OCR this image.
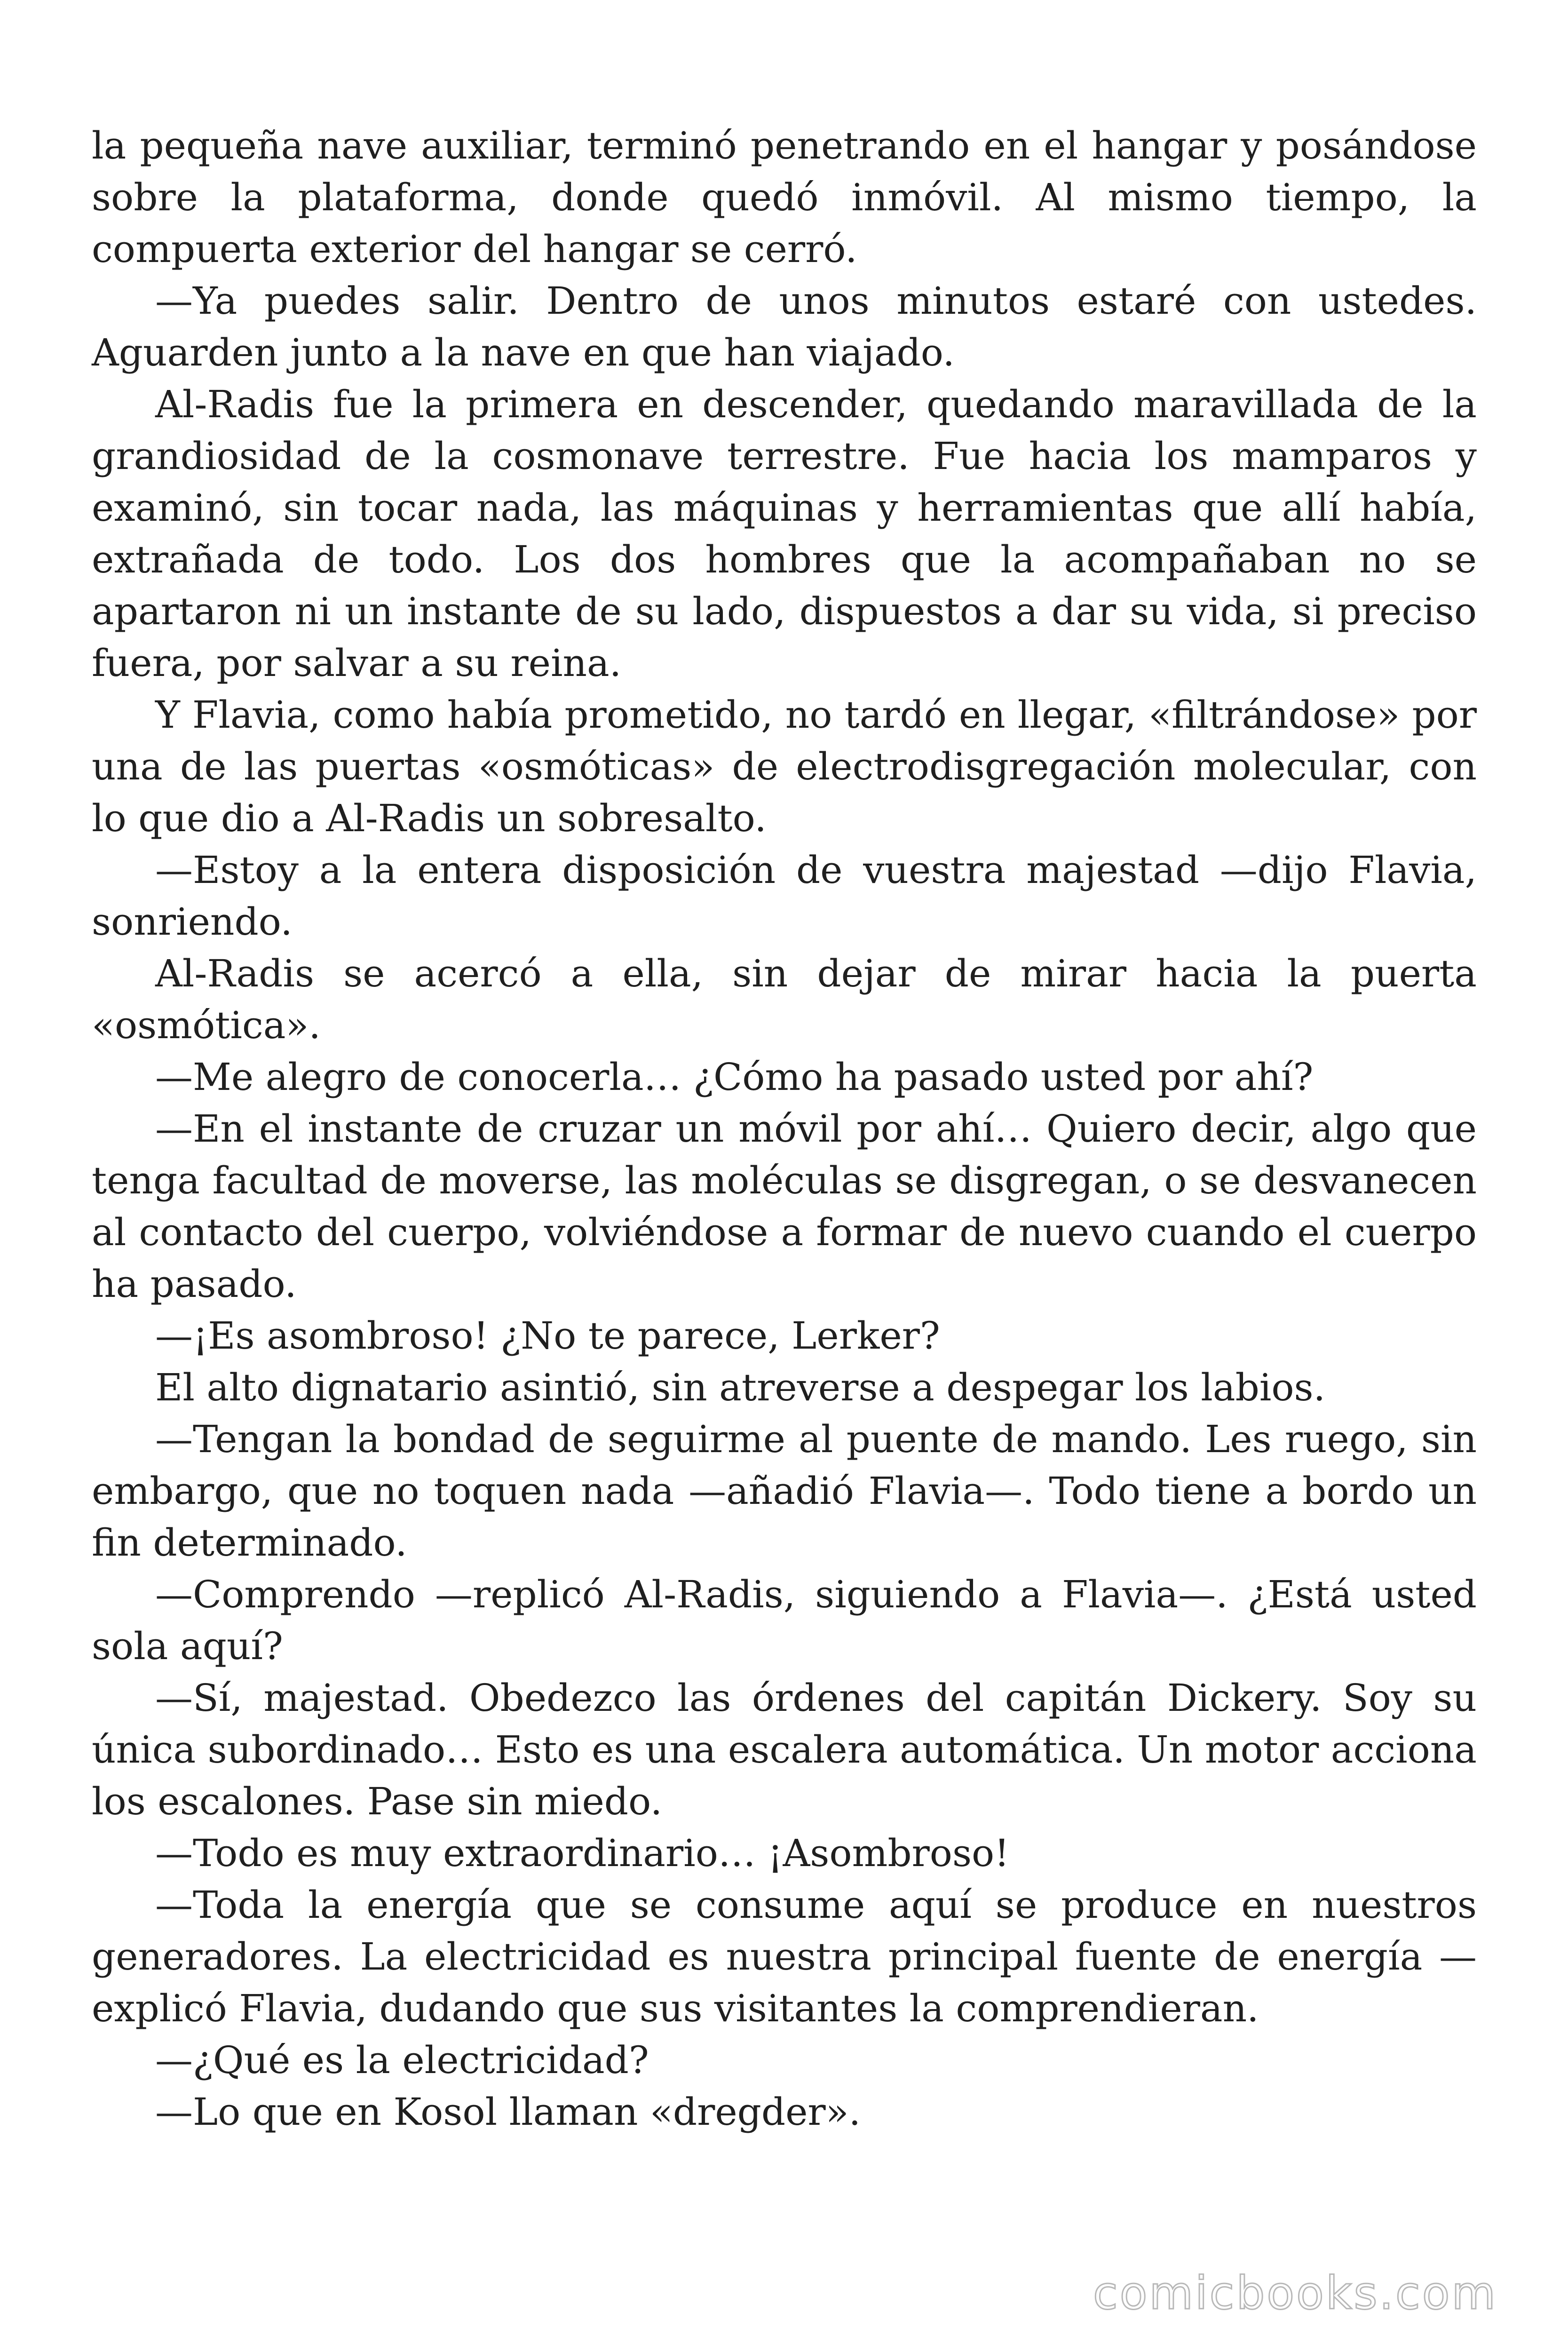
la pequeña nave auxiliar, terminó penetrando en el hangar y posándose sobre la plataforma, donde quedó inmóvil. Al mismo tiempo, la compuerta exterior del hangar se cerró.

—Ya puedes salir. Dentro de unos minutos estaré con ustedes. Aguarden junto a la nave en que han viajado.

Al-Radis fue la primera en descender, quedando maravillada de la grandiosidad de la cosmonave terrestre. Fue hacia los mamparos y examinó, sin tocar nada, las máquinas y herramientas que allí había, extrañada de todo. Los dos hombres que la acompañaban no se apartaron ni un instante de su lado, dispuestos a dar su vida, si preciso fuera, por salvar a su reina.

Y Flavia, como había prometido, no tardó en llegar, «filtrándose» por una de las puertas «osmóticas» de electrodisgregación molecular, con lo que dio a Al-Radis un sobresalto.

—Estoy a la entera disposición de vuestra majestad —dijo Flavia, sonriendo.

Al-Radis se acercó a ella, sin dejar de mirar hacia la puerta «osmótica».

—Me alegro de conocerla… ¿Cómo ha pasado usted por ahí?

—En el instante de cruzar un móvil por ahí… Quiero decir, algo que tenga facultad de moverse, las moléculas se disgregan, o se desvanecen al contacto del cuerpo, volviéndose a formar de nuevo cuando el cuerpo ha pasado.

—¡Es asombroso! ¿No te parece, Lerker?

El alto dignatario asintió, sin atreverse a despegar los labios.

—Tengan la bondad de seguirme al puente de mando. Les ruego, sin embargo, que no toquen nada —añadió Flavia—. Todo tiene a bordo un fin determinado.

—Comprendo —replicó Al-Radis, siguiendo a Flavia—. ¿Está usted sola aquí?

—Sí, majestad. Obedezco las órdenes del capitán Dickery. Soy su única subordinado… Esto es una escalera automática. Un motor acciona los escalones. Pase sin miedo.

—Todo es muy extraordinario… ¡Asombroso!

—Toda la energía que se consume aquí se produce en nuestros generadores. La electricidad es nuestra principal fuente de energía —explicó Flavia, dudando que sus visitantes la comprendieran.

—¿Qué es la electricidad?

—Lo que en Kosol llaman «dregder».

comicbooks.com
